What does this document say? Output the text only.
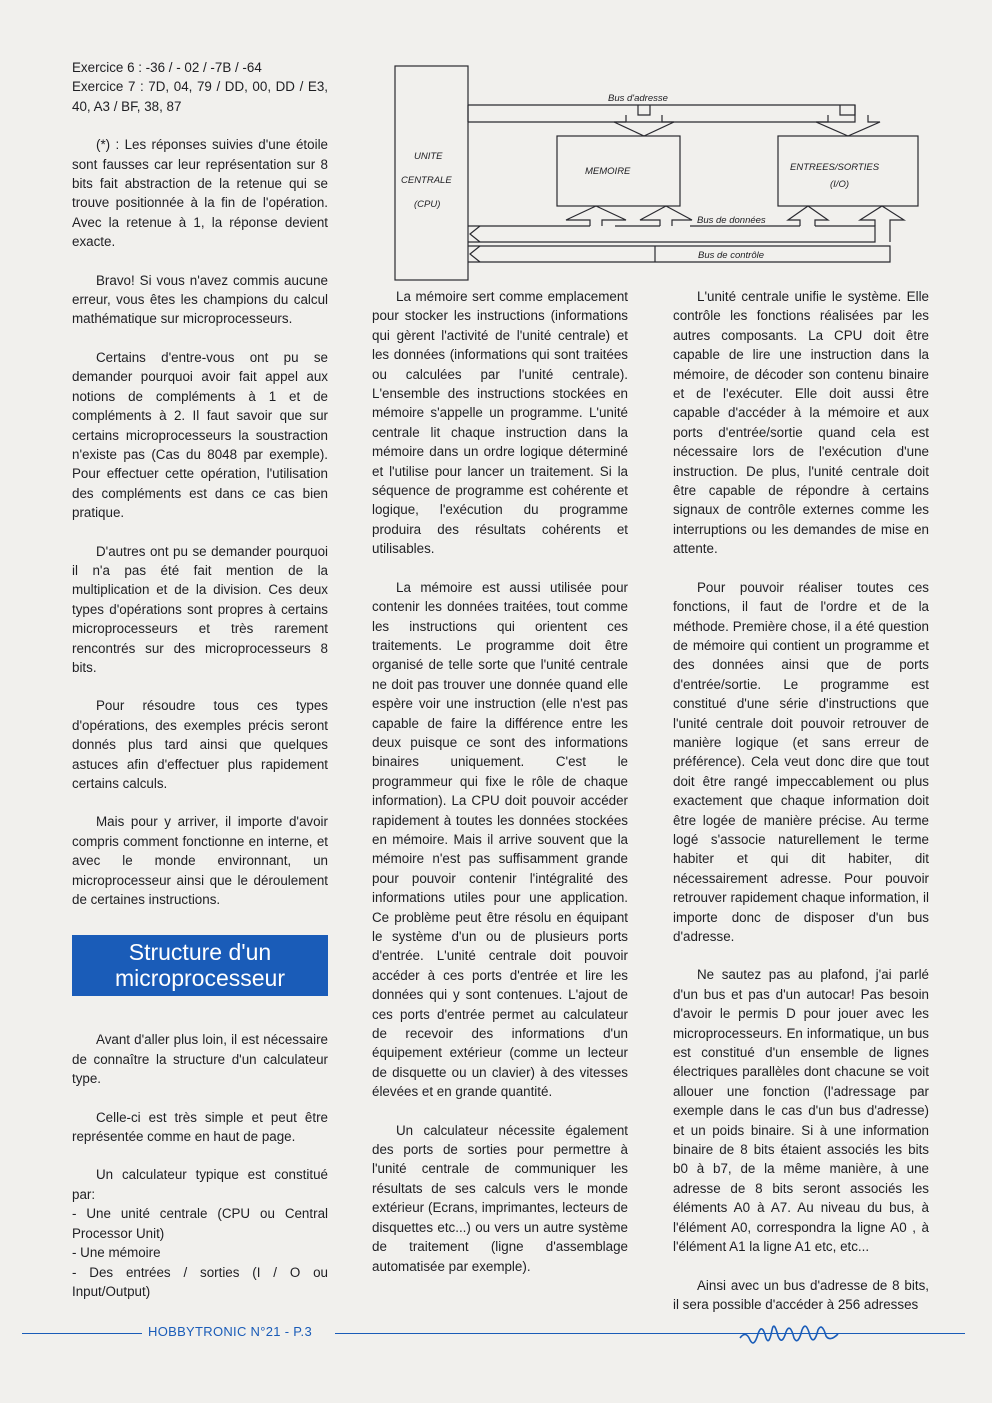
Bus d'adresse
UNITE
CENTRALE
(CPU)
MEMOIRE	ENTREES/SORTIES
(I/O)
Bus de données
Bus de contrôle

Exercice 6 : -36 / - 02 / -7B / -64

Exercice 7 : 7D, 04, 79 / DD, 00, DD / E3, 40, A3 / BF, 38, 87

(*) : Les réponses suivies d'une étoile sont fausses car leur représentation sur 8 bits fait abstraction de la retenue qui se trouve positionnée à la fin de l'opération. Avec la retenue à 1, la réponse devient exacte.

Bravo! Si vous n'avez commis aucune erreur, vous êtes les champions du calcul mathématique sur microprocesseurs.

Certains d'entre-vous ont pu se demander pourquoi avoir fait appel aux notions de compléments à 1 et de compléments à 2. Il faut savoir que sur certains microprocesseurs la soustraction n'existe pas (Cas du 8048 par exemple). Pour effectuer cette opération, l'utilisation des compléments est dans ce cas bien pratique.

D'autres ont pu se demander pourquoi il n'a pas été fait mention de la multiplication et de la division. Ces deux types d'opérations sont propres à certains microprocesseurs et très rarement rencontrés sur des microprocesseurs 8 bits.

Pour résoudre tous ces types d'opérations, des exemples précis seront donnés plus tard ainsi que quelques astuces afin d'effectuer plus rapidement certains calculs.

Mais pour y arriver, il importe d'avoir compris comment fonctionne en interne, et avec le monde environnant, un microprocesseur ainsi que le déroulement de certaines instructions.

Structure d'un
microprocesseur

Avant d'aller plus loin, il est nécessaire de connaître la structure d'un calculateur type.

Celle-ci est très simple et peut être représentée comme en haut de page.

Un calculateur typique est constitué par:

- Une unité centrale (CPU ou Central Processor Unit)

- Une mémoire

- Des entrées / sorties (I / O ou Input/Output)

La mémoire sert comme emplacement pour stocker les instructions (informations qui gèrent l'activité de l'unité centrale) et les données (informations qui sont traitées ou calculées par l'unité centrale). L'ensemble des instructions stockées en mémoire s'appelle un programme. L'unité centrale lit chaque instruction dans la mémoire dans un ordre logique déterminé et l'utilise pour lancer un traitement. Si la séquence de programme est cohérente et logique, l'exécution du programme produira des résultats cohérents et utilisables.

La mémoire est aussi utilisée pour contenir les données traitées, tout comme les instructions qui orientent ces traitements. Le programme doit être organisé de telle sorte que l'unité centrale ne doit pas trouver une donnée quand elle espère voir une instruction (elle n'est pas capable de faire la différence entre les deux puisque ce sont des informations binaires uniquement. C'est le programmeur qui fixe le rôle de chaque information). La CPU doit pouvoir accéder rapidement à toutes les données stockées en mémoire. Mais il arrive souvent que la mémoire n'est pas suffisamment grande pour pouvoir contenir l'intégralité des informations utiles pour une application. Ce problème peut être résolu en équipant le système d'un ou de plusieurs ports d'entrée. L'unité centrale doit pouvoir accéder à ces ports d'entrée et lire les données qui y sont contenues. L'ajout de ces ports d'entrée permet au calculateur de recevoir des informations d'un équipement extérieur (comme un lecteur de disquette ou un clavier) à des vitesses élevées et en grande quantité.

Un calculateur nécessite également des ports de sorties pour permettre à l'unité centrale de communiquer les résultats de ses calculs vers le monde extérieur (Ecrans, imprimantes, lecteurs de disquettes etc...) ou vers un autre système de traitement (ligne d'assemblage automatisée par exemple).

L'unité centrale unifie le système. Elle contrôle les fonctions réalisées par les autres composants. La CPU doit être capable de lire une instruction dans la mémoire, de décoder son contenu binaire et de l'exécuter. Elle doit aussi être capable d'accéder à la mémoire et aux ports d'entrée/sortie quand cela est nécessaire lors de l'exécution d'une instruction. De plus, l'unité centrale doit être capable de répondre à certains signaux de contrôle externes comme les interruptions ou les demandes de mise en attente.

Pour pouvoir réaliser toutes ces fonctions, il faut de l'ordre et de la méthode. Première chose, il a été question de mémoire qui contient un programme et des données ainsi que de ports d'entrée/sortie. Le programme est constitué d'une série d'instructions que l'unité centrale doit pouvoir retrouver de manière logique (et sans erreur de préférence). Cela veut donc dire que tout doit être rangé impeccablement ou plus exactement que chaque information doit être logée de manière précise. Au terme logé s'associe naturellement le terme habiter et qui dit habiter, dit nécessairement adresse. Pour pouvoir retrouver rapidement chaque information, il importe donc de disposer d'un bus d'adresse.

Ne sautez pas au plafond, j'ai parlé d'un bus et pas d'un autocar! Pas besoin d'avoir le permis D pour jouer avec les microprocesseurs. En informatique, un bus est constitué d'un ensemble de lignes électriques parallèles dont chacune se voit allouer une fonction (l'adressage par exemple dans le cas d'un bus d'adresse) et un poids binaire. Si à une information binaire de 8 bits étaient associés les bits b0 à b7, de la même manière, à une adresse de 8 bits seront associés les éléments A0 à A7. Au niveau du bus, à l'élément A0, correspondra la ligne A0 , à l'élément A1 la ligne A1 etc, etc...

Ainsi avec un bus d'adresse de 8 bits, il sera possible d'accéder à 256 adresses

HOBBYTRONIC N°21 - P.3
